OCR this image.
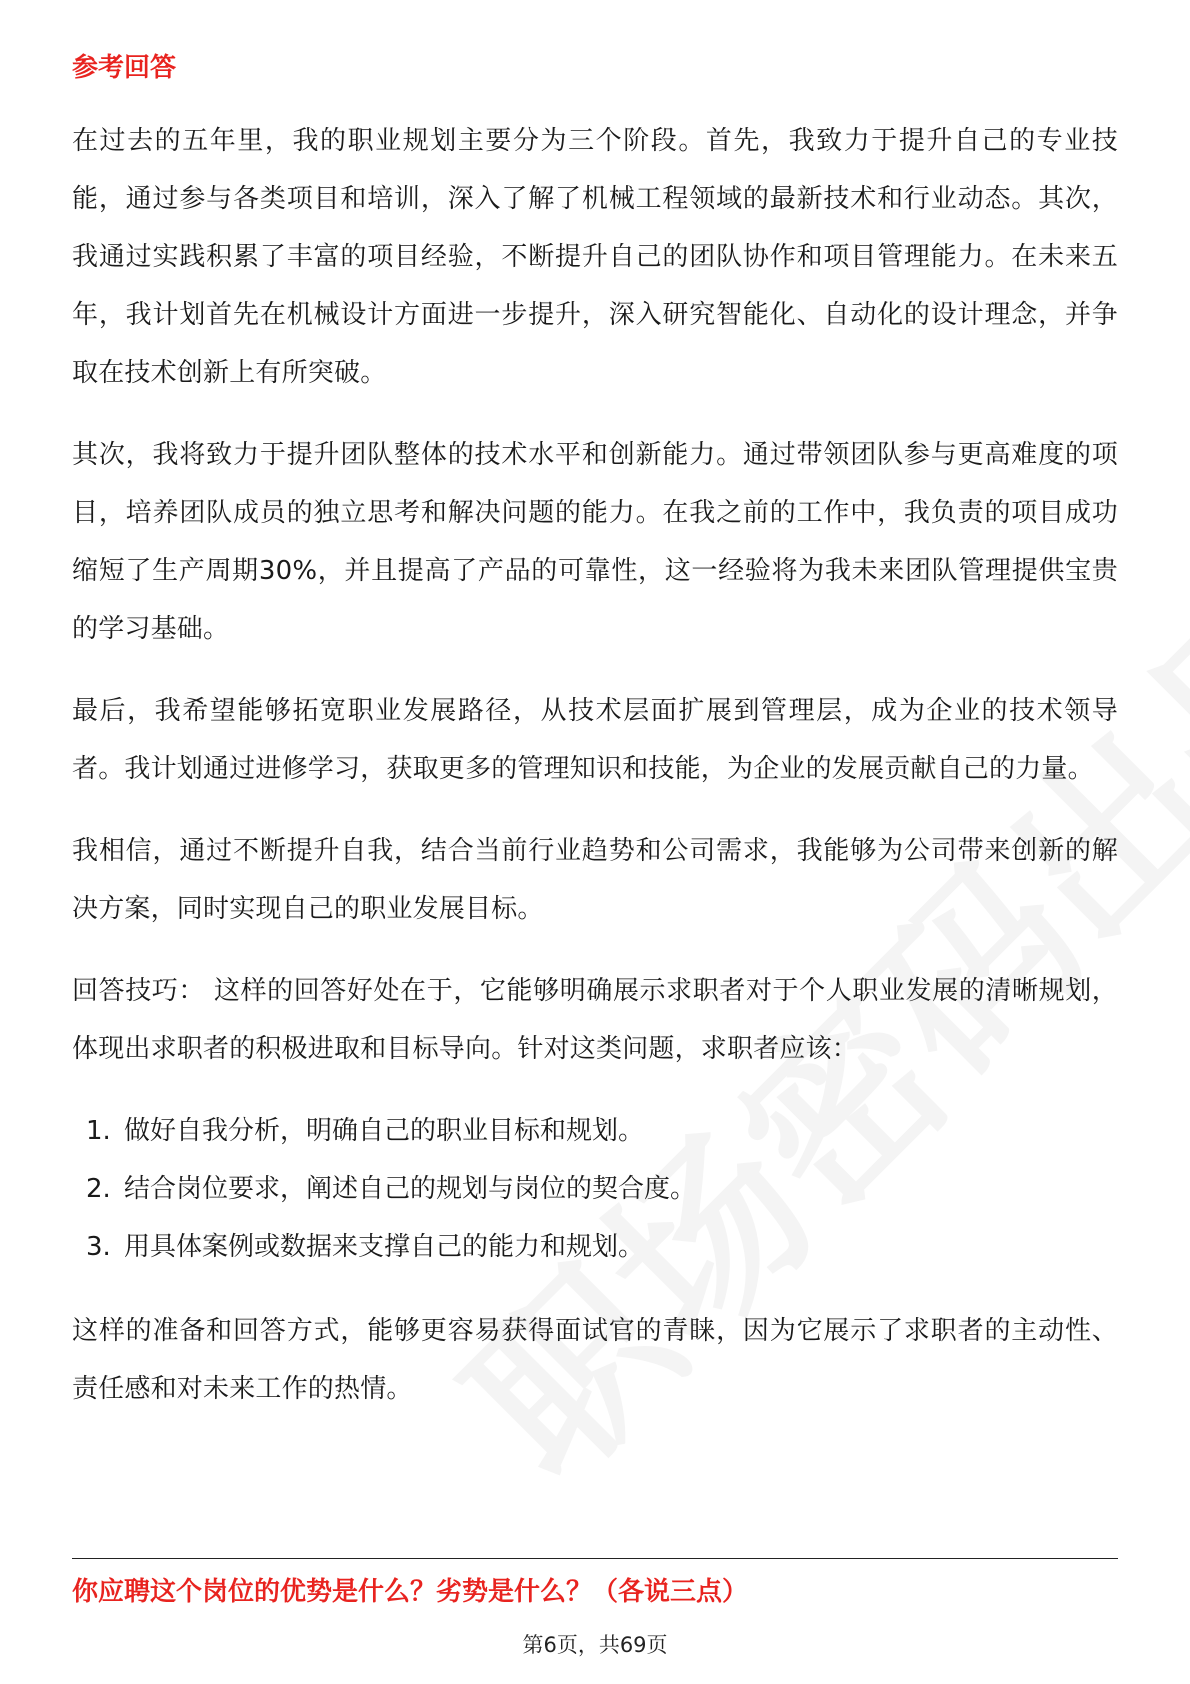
参考回答

在过去的五年里，我的职业规划主要分为三个阶段。首先，我致力于提升自己的专业技能，通过参与各类项目和培训，深入了解了机械工程领域的最新技术和行业动态。其次，我通过实践积累了丰富的项目经验，不断提升自己的团队协作和项目管理能力。在未来五年，我计划首先在机械设计方面进一步提升，深入研究智能化、自动化的设计理念，并争取在技术创新上有所突破。

其次，我将致力于提升团队整体的技术水平和创新能力。通过带领团队参与更高难度的项目，培养团队成员的独立思考和解决问题的能力。在我之前的工作中，我负责的项目成功缩短了生产周期30%，并且提高了产品的可靠性，这一经验将为我未来团队管理提供宝贵的学习基础。

最后，我希望能够拓宽职业发展路径，从技术层面扩展到管理层，成为企业的技术领导者。我计划通过进修学习，获取更多的管理知识和技能，为企业的发展贡献自己的力量。

我相信，通过不断提升自我，结合当前行业趋势和公司需求，我能够为公司带来创新的解决方案，同时实现自己的职业发展目标。

回答技巧： 这样的回答好处在于，它能够明确展示求职者对于个人职业发展的清晰规划，体现出求职者的积极进取和目标导向。针对这类问题，求职者应该：

1. 做好自我分析，明确自己的职业目标和规划。
2. 结合岗位要求，阐述自己的规划与岗位的契合度。
3. 用具体案例或数据来支撑自己的能力和规划。

这样的准备和回答方式，能够更容易获得面试官的青睐，因为它展示了求职者的主动性、责任感和对未来工作的热情。

你应聘这个岗位的优势是什么？劣势是什么？（各说三点）
第6页，共69页
